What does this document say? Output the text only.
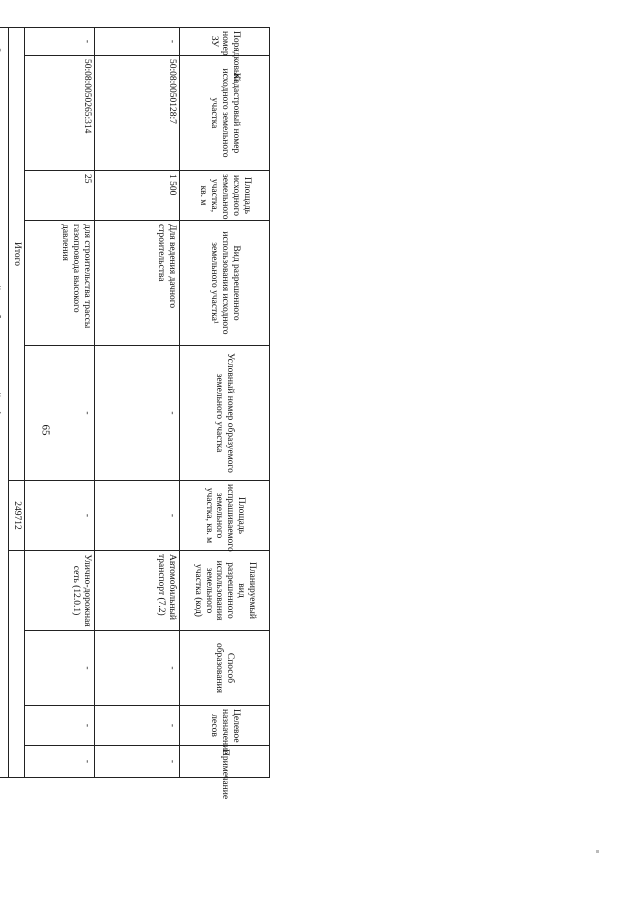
65
Порядковый номер ЗУ	Кадастровый номер исходного земельного участка	Площадь исходного земельного участка, кв. м	Вид разрешенного использования исходного земельного участка¹	Условный номер образуемого земельного участка	Площадь испрашиваемого земельного участка, кв. м	Планируемый вид разрешенного использования земельного участка (код)	Способ образования	Целевое назначение лесов	Примечание
-	50:08:0050128:7	1 500	Для ведения дачного строительства	-	-	Автомобильный транспорт (7.2)	-	-	-
-	50:08:0050265:314	25	для строительства трассы газопровода высокого давления	-	-	Улично-дорожная сеть (12.0.1)	-	-	-
Итого					249712				
